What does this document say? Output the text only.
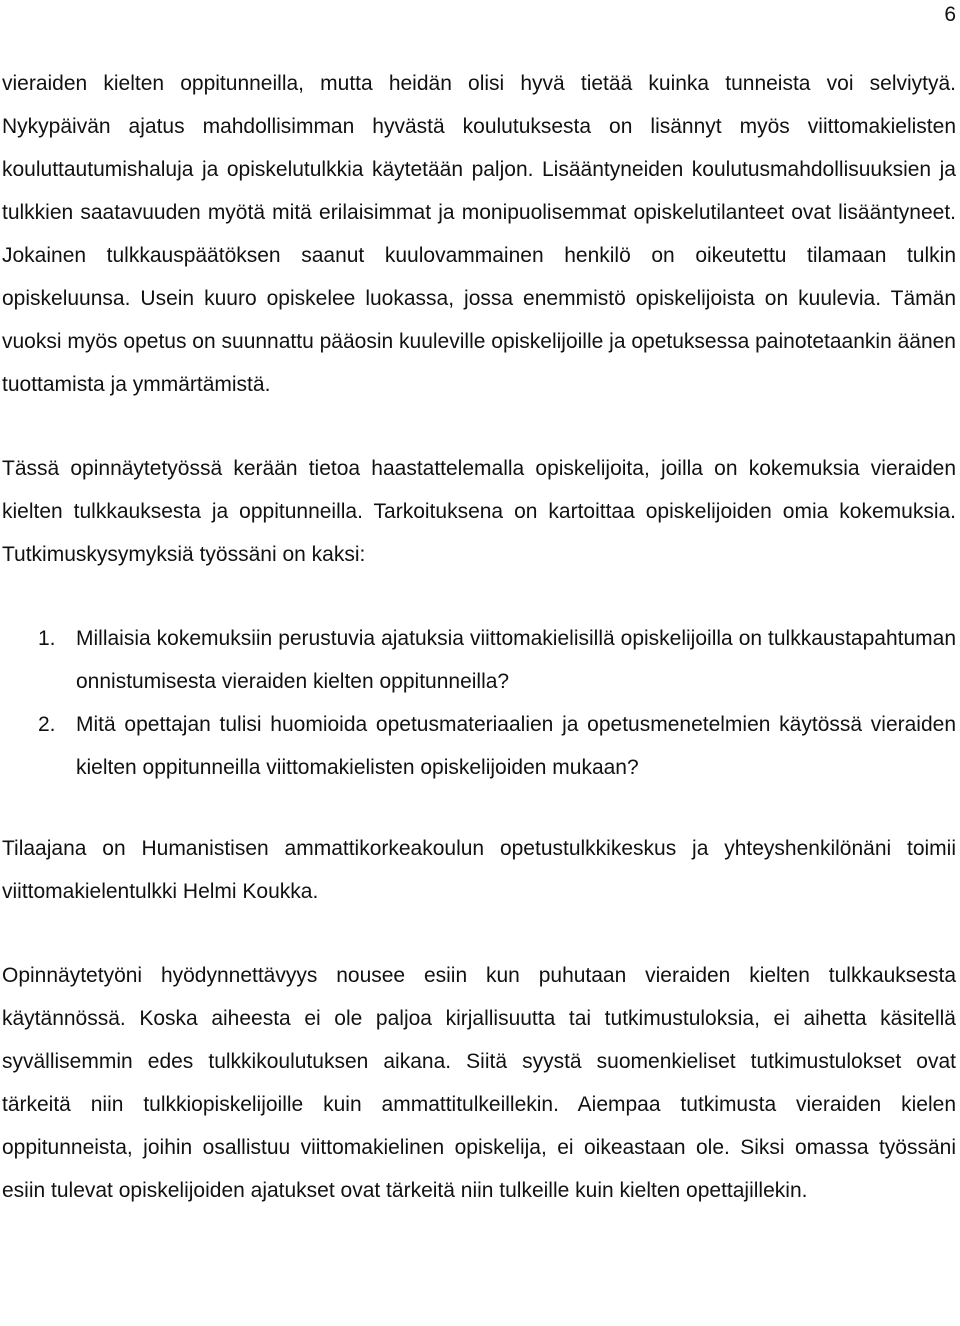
6

vieraiden kielten oppitunneilla, mutta heidän olisi hyvä tietää kuinka tunneista voi selviytyä. Nykypäivän ajatus mahdollisimman hyvästä koulutuksesta on lisännyt myös viittomakielisten kouluttautumishaluja ja opiskelutulkkia käytetään paljon. Lisääntyneiden koulutusmahdollisuuksien ja tulkkien saatavuuden myötä mitä erilaisimmat ja monipuolisemmat opiskelutilanteet ovat lisääntyneet. Jokainen tulkkauspäätöksen saanut kuulovammainen henkilö on oikeutettu tilamaan tulkin opiskeluunsa. Usein kuuro opiskelee luokassa, jossa enemmistö opiskelijoista on kuulevia. Tämän vuoksi myös opetus on suunnattu pääosin kuuleville opiskelijoille ja opetuksessa painotetaankin äänen tuottamista ja ymmärtämistä.

Tässä opinnäytetyössä kerään tietoa haastattelemalla opiskelijoita, joilla on kokemuksia vieraiden kielten tulkkauksesta ja oppitunneilla. Tarkoituksena on kartoittaa opiskelijoiden omia kokemuksia. Tutkimuskysymyksiä työssäni on kaksi:

1. Millaisia kokemuksiin perustuvia ajatuksia viittomakielisillä opiskelijoilla on tulkkaustapahtuman onnistumisesta vieraiden kielten oppitunneilla?
2. Mitä opettajan tulisi huomioida opetusmateriaalien ja opetusmenetelmien käytössä vieraiden kielten oppitunneilla viittomakielisten opiskelijoiden mukaan?

Tilaajana on Humanistisen ammattikorkeakoulun opetustulkkikeskus ja yhteyshenkilönäni toimii viittomakielentulkki Helmi Koukka.

Opinnäytetyöni hyödynnettävyys nousee esiin kun puhutaan vieraiden kielten tulkkauksesta käytännössä. Koska aiheesta ei ole paljoa kirjallisuutta tai tutkimustuloksia, ei aihetta käsitellä syvällisemmin edes tulkkikoulutuksen aikana. Siitä syystä suomenkieliset tutkimustulokset ovat tärkeitä niin tulkkiopiskelijoille kuin ammattitulkeillekin. Aiempaa tutkimusta vieraiden kielen oppitunneista, joihin osallistuu viittomakielinen opiskelija, ei oikeastaan ole. Siksi omassa työssäni esiin tulevat opiskelijoiden ajatukset ovat tärkeitä niin tulkeille kuin kielten opettajillekin.
